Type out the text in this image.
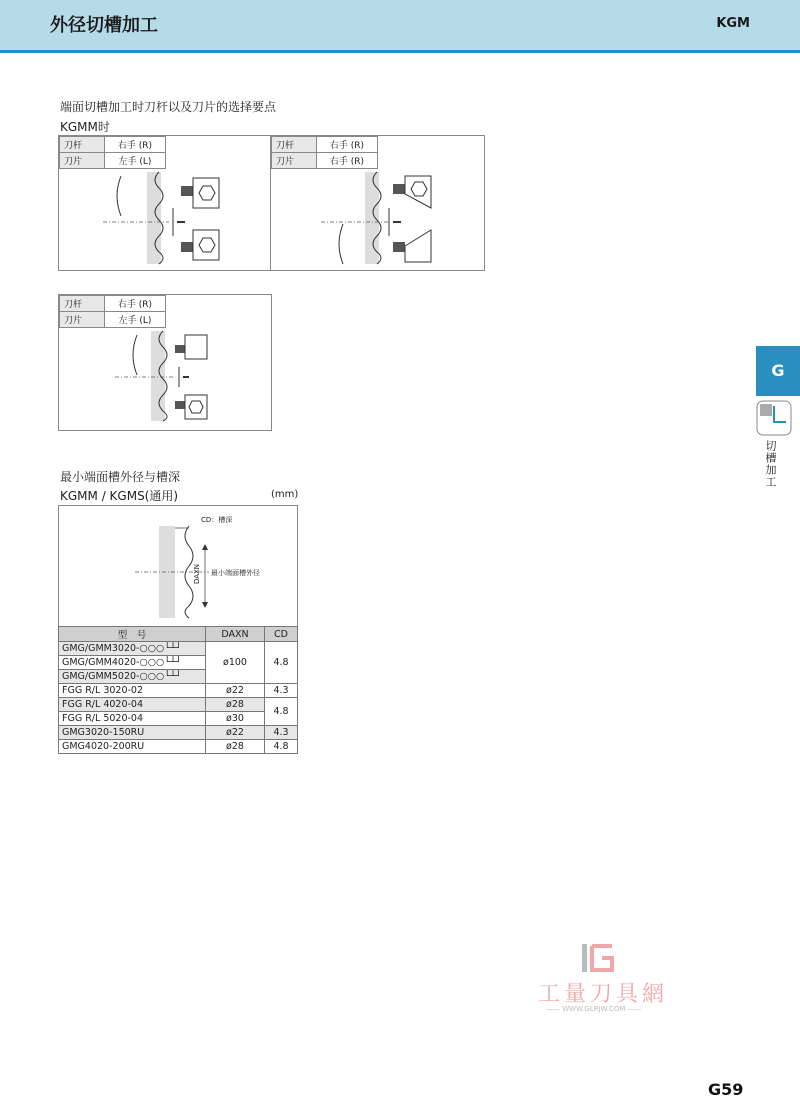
外径切槽加工	KGM
端面切槽加工时刀杆以及刀片的选择要点
KGMM时
刀杆	右手 (R)
刀片	左手 (L)
刀杆	右手 (R)
刀片	右手 (R)
刀杆	右手 (R)
刀片	左手 (L)
最小端面槽外径与槽深
KGMM / KGMS(通用)	(mm)
CD：槽深
DAXN 最小端面槽外径
型　号	DAXN	CD
GMG/GMM3020-○○○└┴┘	ø100	4.8
GMG/GMM4020-○○○└┴┘		
GMG/GMM5020-○○○└┴┘		
FGG R/L 3020-02	ø22	4.3
FGG R/L 4020-04	ø28	4.8
FGG R/L 5020-04	ø30	
GMG3020-150RU	ø22	4.3
GMG4020-200RU	ø28	4.8
G
切槽加工
工量刀具網
—— WWW.GLRJW.COM ——
G59
